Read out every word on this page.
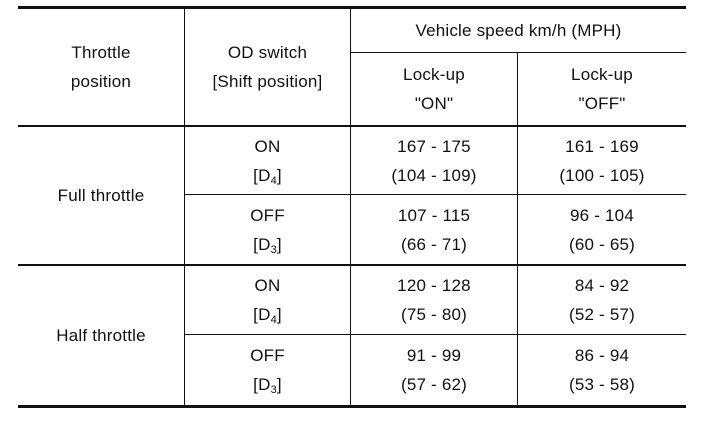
Throttle
position
OD switch
[Shift position]
Vehicle speed km/h (MPH)
Lock-up
"ON"
Lock-up
"OFF"
Full throttle
Half throttle
ON
$[D_4]$
167 - 175
(104 - 109)
161 - 169
(100 - 105)
OFF
$[D_3]$
107 - 115
(66 - 71)
96 - 104
(60 - 65)
ON
$[D_4]$
120 - 128
(75 - 80)
84 - 92
(52 - 57)
OFF
$[D_3]$
91 - 99
(57 - 62)
86 - 94
(53 - 58)
